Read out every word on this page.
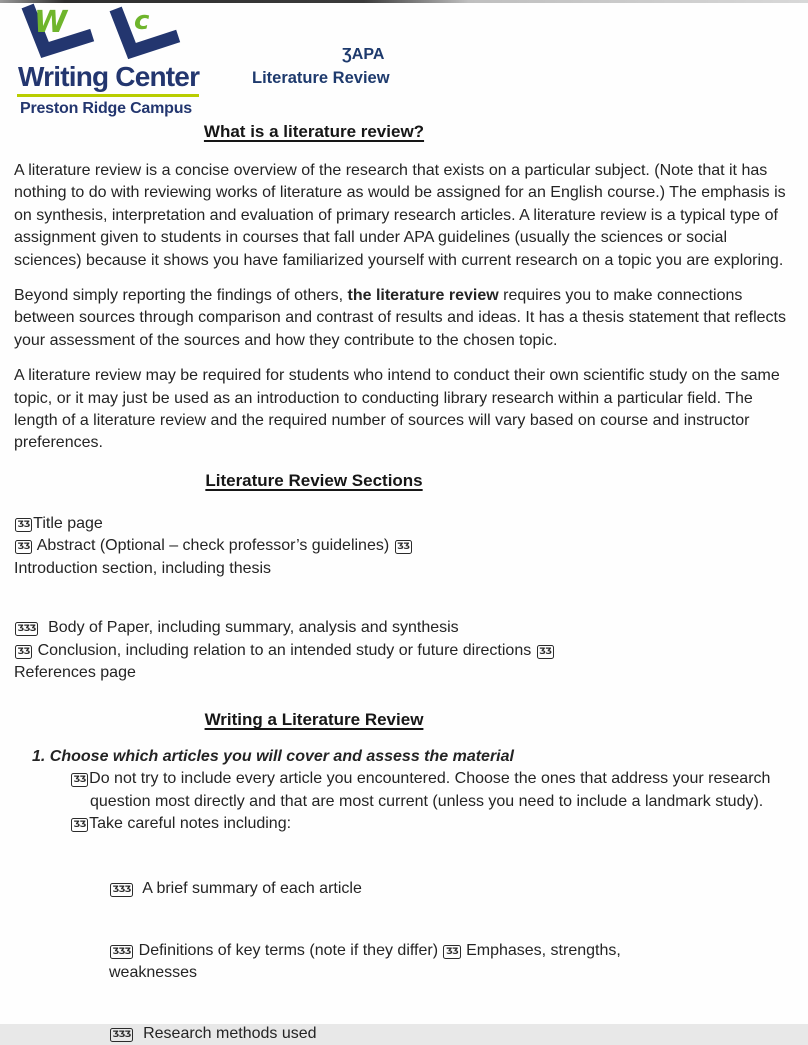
W	c
Writing Center
Preston Ridge Campus
ƷAPA
Literature Review
What is a literature review?

A literature review is a concise overview of the research that exists on a particular subject. (Note that it has nothing to do with reviewing works of literature as would be assigned for an English course.) The emphasis is on synthesis, interpretation and evaluation of primary research articles. A literature review is a typical type of assignment given to students in courses that fall under APA guidelines (usually the sciences or social sciences) because it shows you have familiarized yourself with current research on a topic you are exploring.

Beyond simply reporting the findings of others, the literature review requires you to make connections between sources through comparison and contrast of results and ideas. It has a thesis statement that reflects your assessment of the sources and how they contribute to the chosen topic.

A literature review may be required for students who intend to conduct their own scientific study on the same topic, or it may just be used as an introduction to conducting library research within a particular field. The length of a literature review and the required number of sources will vary based on course and instructor preferences.

Literature Review Sections
ƷƷ Title page
ƷƷ Abstract (Optional – check professor’s guidelines) ƷƷ
Introduction section, including thesis
ƷƷƷ  Body of Paper, including summary, analysis and synthesis
ƷƷ Conclusion, including relation to an intended study or future directions ƷƷ
References page
Writing a Literature Review
1. Choose which articles you will cover and assess the material
ƷƷ Do not try to include every article you encountered. Choose the ones that address your research question most directly and that are most current (unless you need to include a landmark study).
ƷƷ Take careful notes including:
ƷƷƷ  A brief summary of each article
ƷƷƷ Definitions of key terms (note if they differ) ƷƷ Emphases, strengths, weaknesses
ƷƷƷ  Research methods used
